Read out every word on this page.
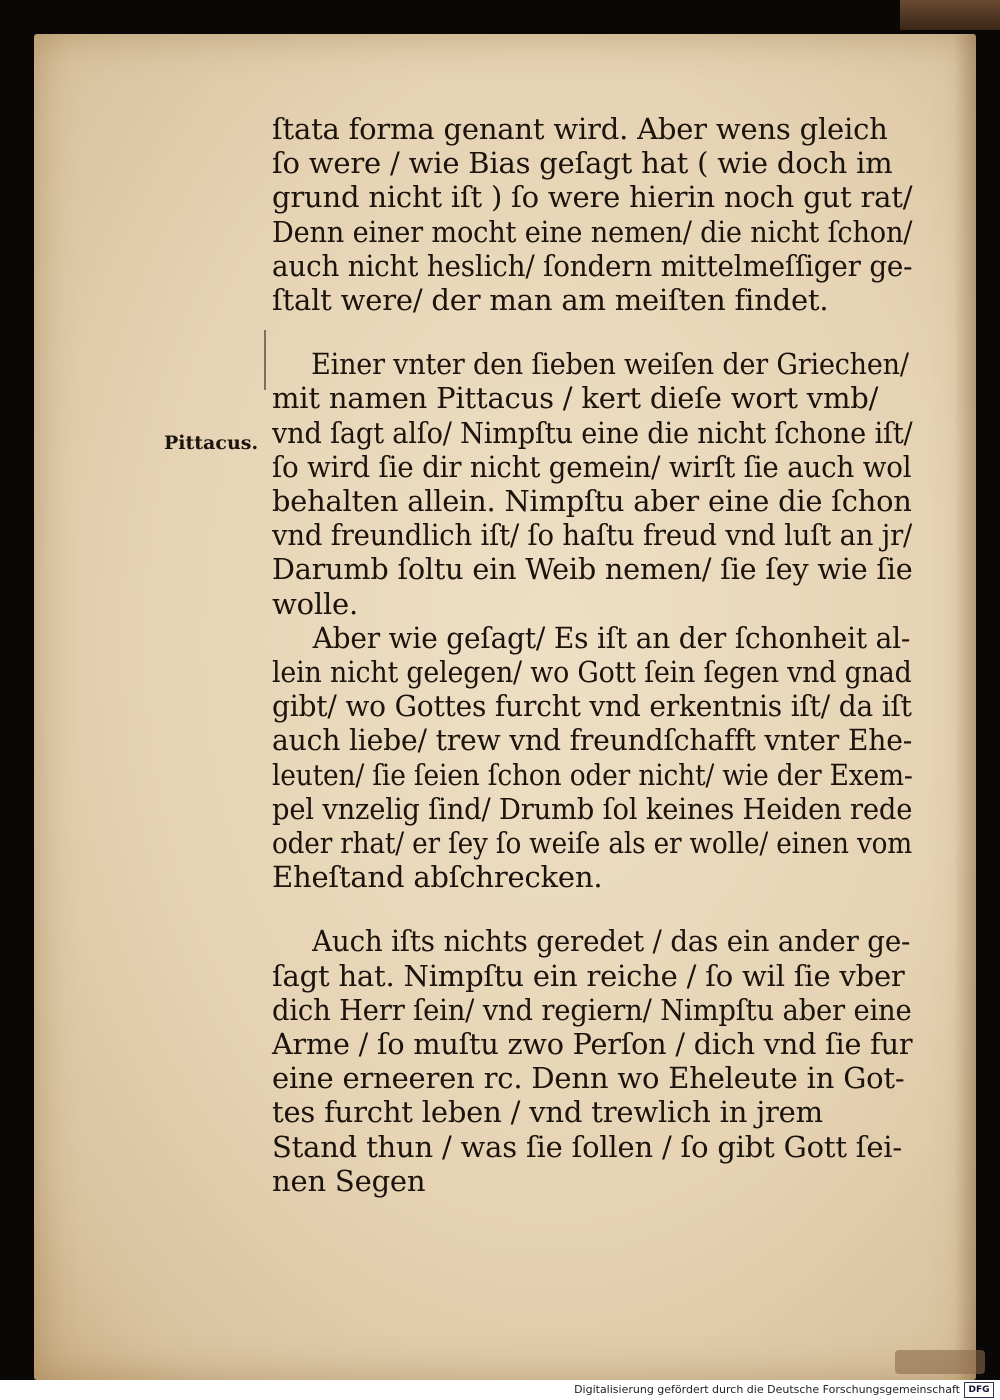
Pittacus.
ſtata forma genant wird. Aber wens gleich
ſo were / wie Bias geſagt hat ( wie doch im
grund nicht iſt ) ſo were hierin noch gut rat/
Denn einer mocht eine nemen/ die nicht ſchon/
auch nicht heslich/ ſondern mittelmeſſiger ge-
ſtalt were/ der man am meiſten findet.
Einer vnter den ſieben weiſen der Griechen/
mit namen Pittacus / kert dieſe wort vmb/
vnd ſagt alſo/ Nimpſtu eine die nicht ſchone iſt/
ſo wird ſie dir nicht gemein/ wirſt ſie auch wol
behalten allein. Nimpſtu aber eine die ſchon
vnd freundlich iſt/ ſo haſtu freud vnd luſt an jr/
Darumb ſoltu ein Weib nemen/ ſie ſey wie ſie
wolle.
Aber wie geſagt/ Es iſt an der ſchonheit al-
lein nicht gelegen/ wo Gott ſein ſegen vnd gnad
gibt/ wo Gottes furcht vnd erkentnis iſt/ da iſt
auch liebe/ trew vnd freundſchafft vnter Ehe-
leuten/ ſie ſeien ſchon oder nicht/ wie der Exem-
pel vnzelig ſind/ Drumb ſol keines Heiden rede
oder rhat/ er ſey ſo weiſe als er wolle/ einen vom
Eheſtand abſchrecken.
Auch iſts nichts geredet / das ein ander ge-
ſagt hat. Nimpſtu ein reiche / ſo wil ſie vber
dich Herr ſein/ vnd regiern/ Nimpſtu aber eine
Arme / ſo muſtu zwo Perſon / dich vnd ſie fur
eine erneeren rc. Denn wo Eheleute in Got-
tes furcht leben / vnd trewlich in jrem
Stand thun / was ſie ſollen / ſo gibt Gott ſei-
nen Segen
Digitalisierung gefördert durch die Deutsche Forschungsgemeinschaft DFG
